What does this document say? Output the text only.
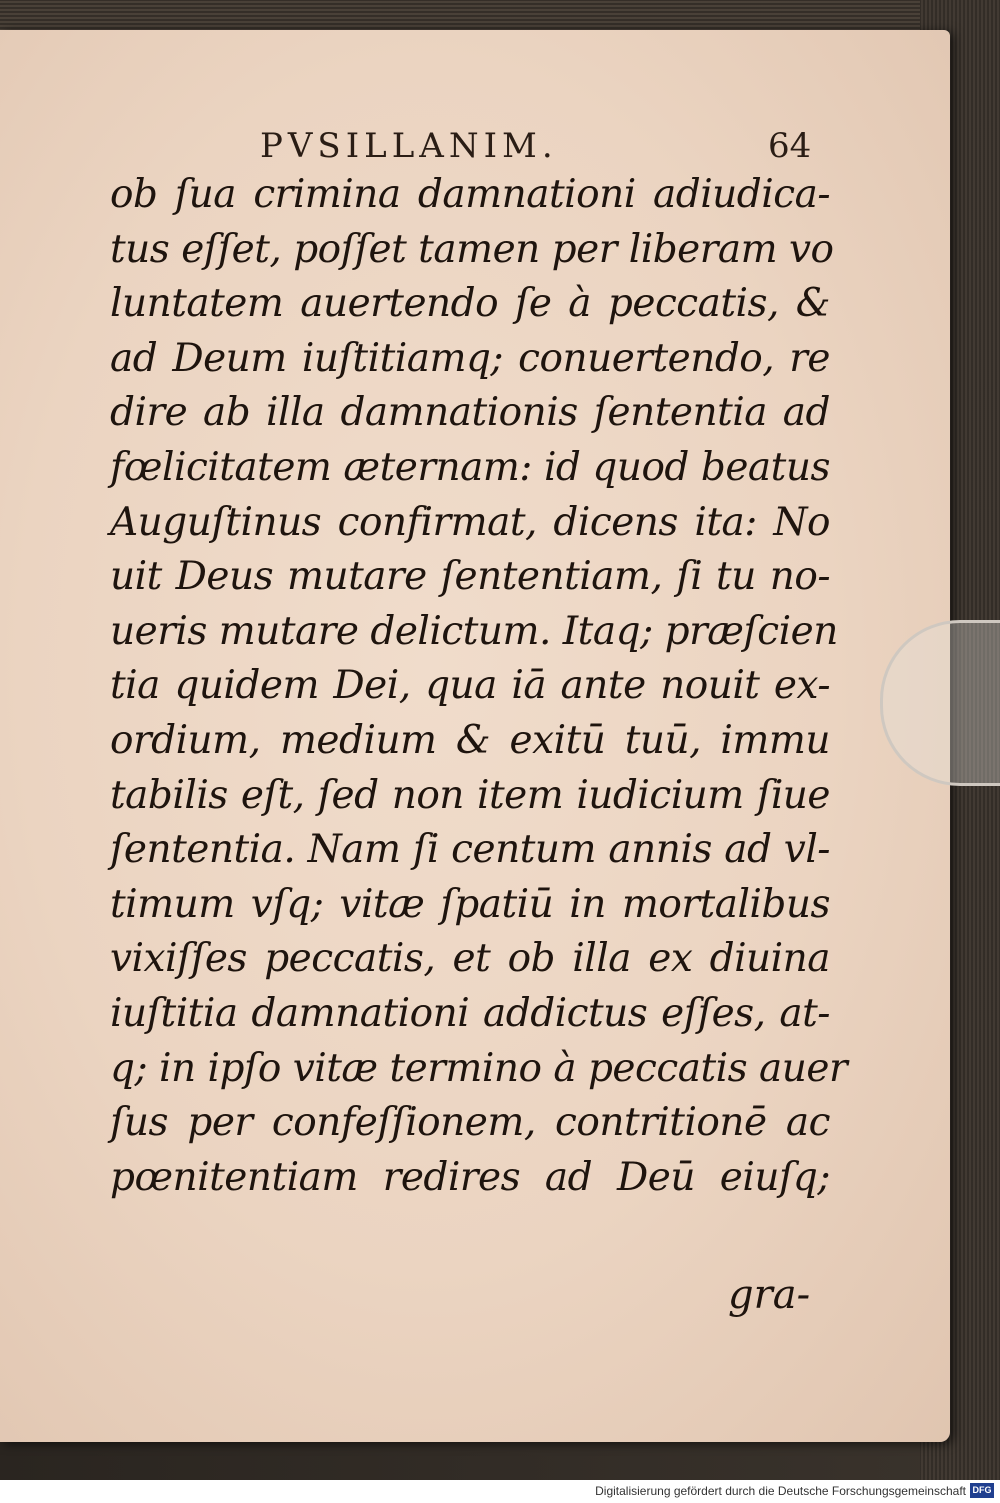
PVSILLANIM.	64
ob ſua crimina damnationi adiudica-
tus eſſet, poſſet tamen per liberam vo
luntatem auertendo ſe à peccatis, &
ad Deum iuſtitiamq; conuertendo, re
dire ab illa damnationis ſententia ad
fœlicitatem æternam: id quod beatus
Auguſtinus confirmat, dicens ita: No
uit Deus mutare ſententiam, ſi tu no-
ueris mutare delictum. Itaq; præſcien
tia quidem Dei, qua iā ante nouit ex-
ordium, medium & exitū tuū, immu
tabilis eſt, ſed non item iudicium ſiue
ſententia. Nam ſi centum annis ad vl-
timum vſq; vitæ ſpatiū in mortalibus
vixiſſes peccatis, et ob illa ex diuina
iuſtitia damnationi addictus eſſes, at-
q; in ipſo vitæ termino à peccatis auer
ſus per confeſſionem, contritionē ac
pœnitentiam redires ad Deū eiuſq;
gra-
Digitalisierung gefördert durch die Deutsche Forschungsgemeinschaft DFG
